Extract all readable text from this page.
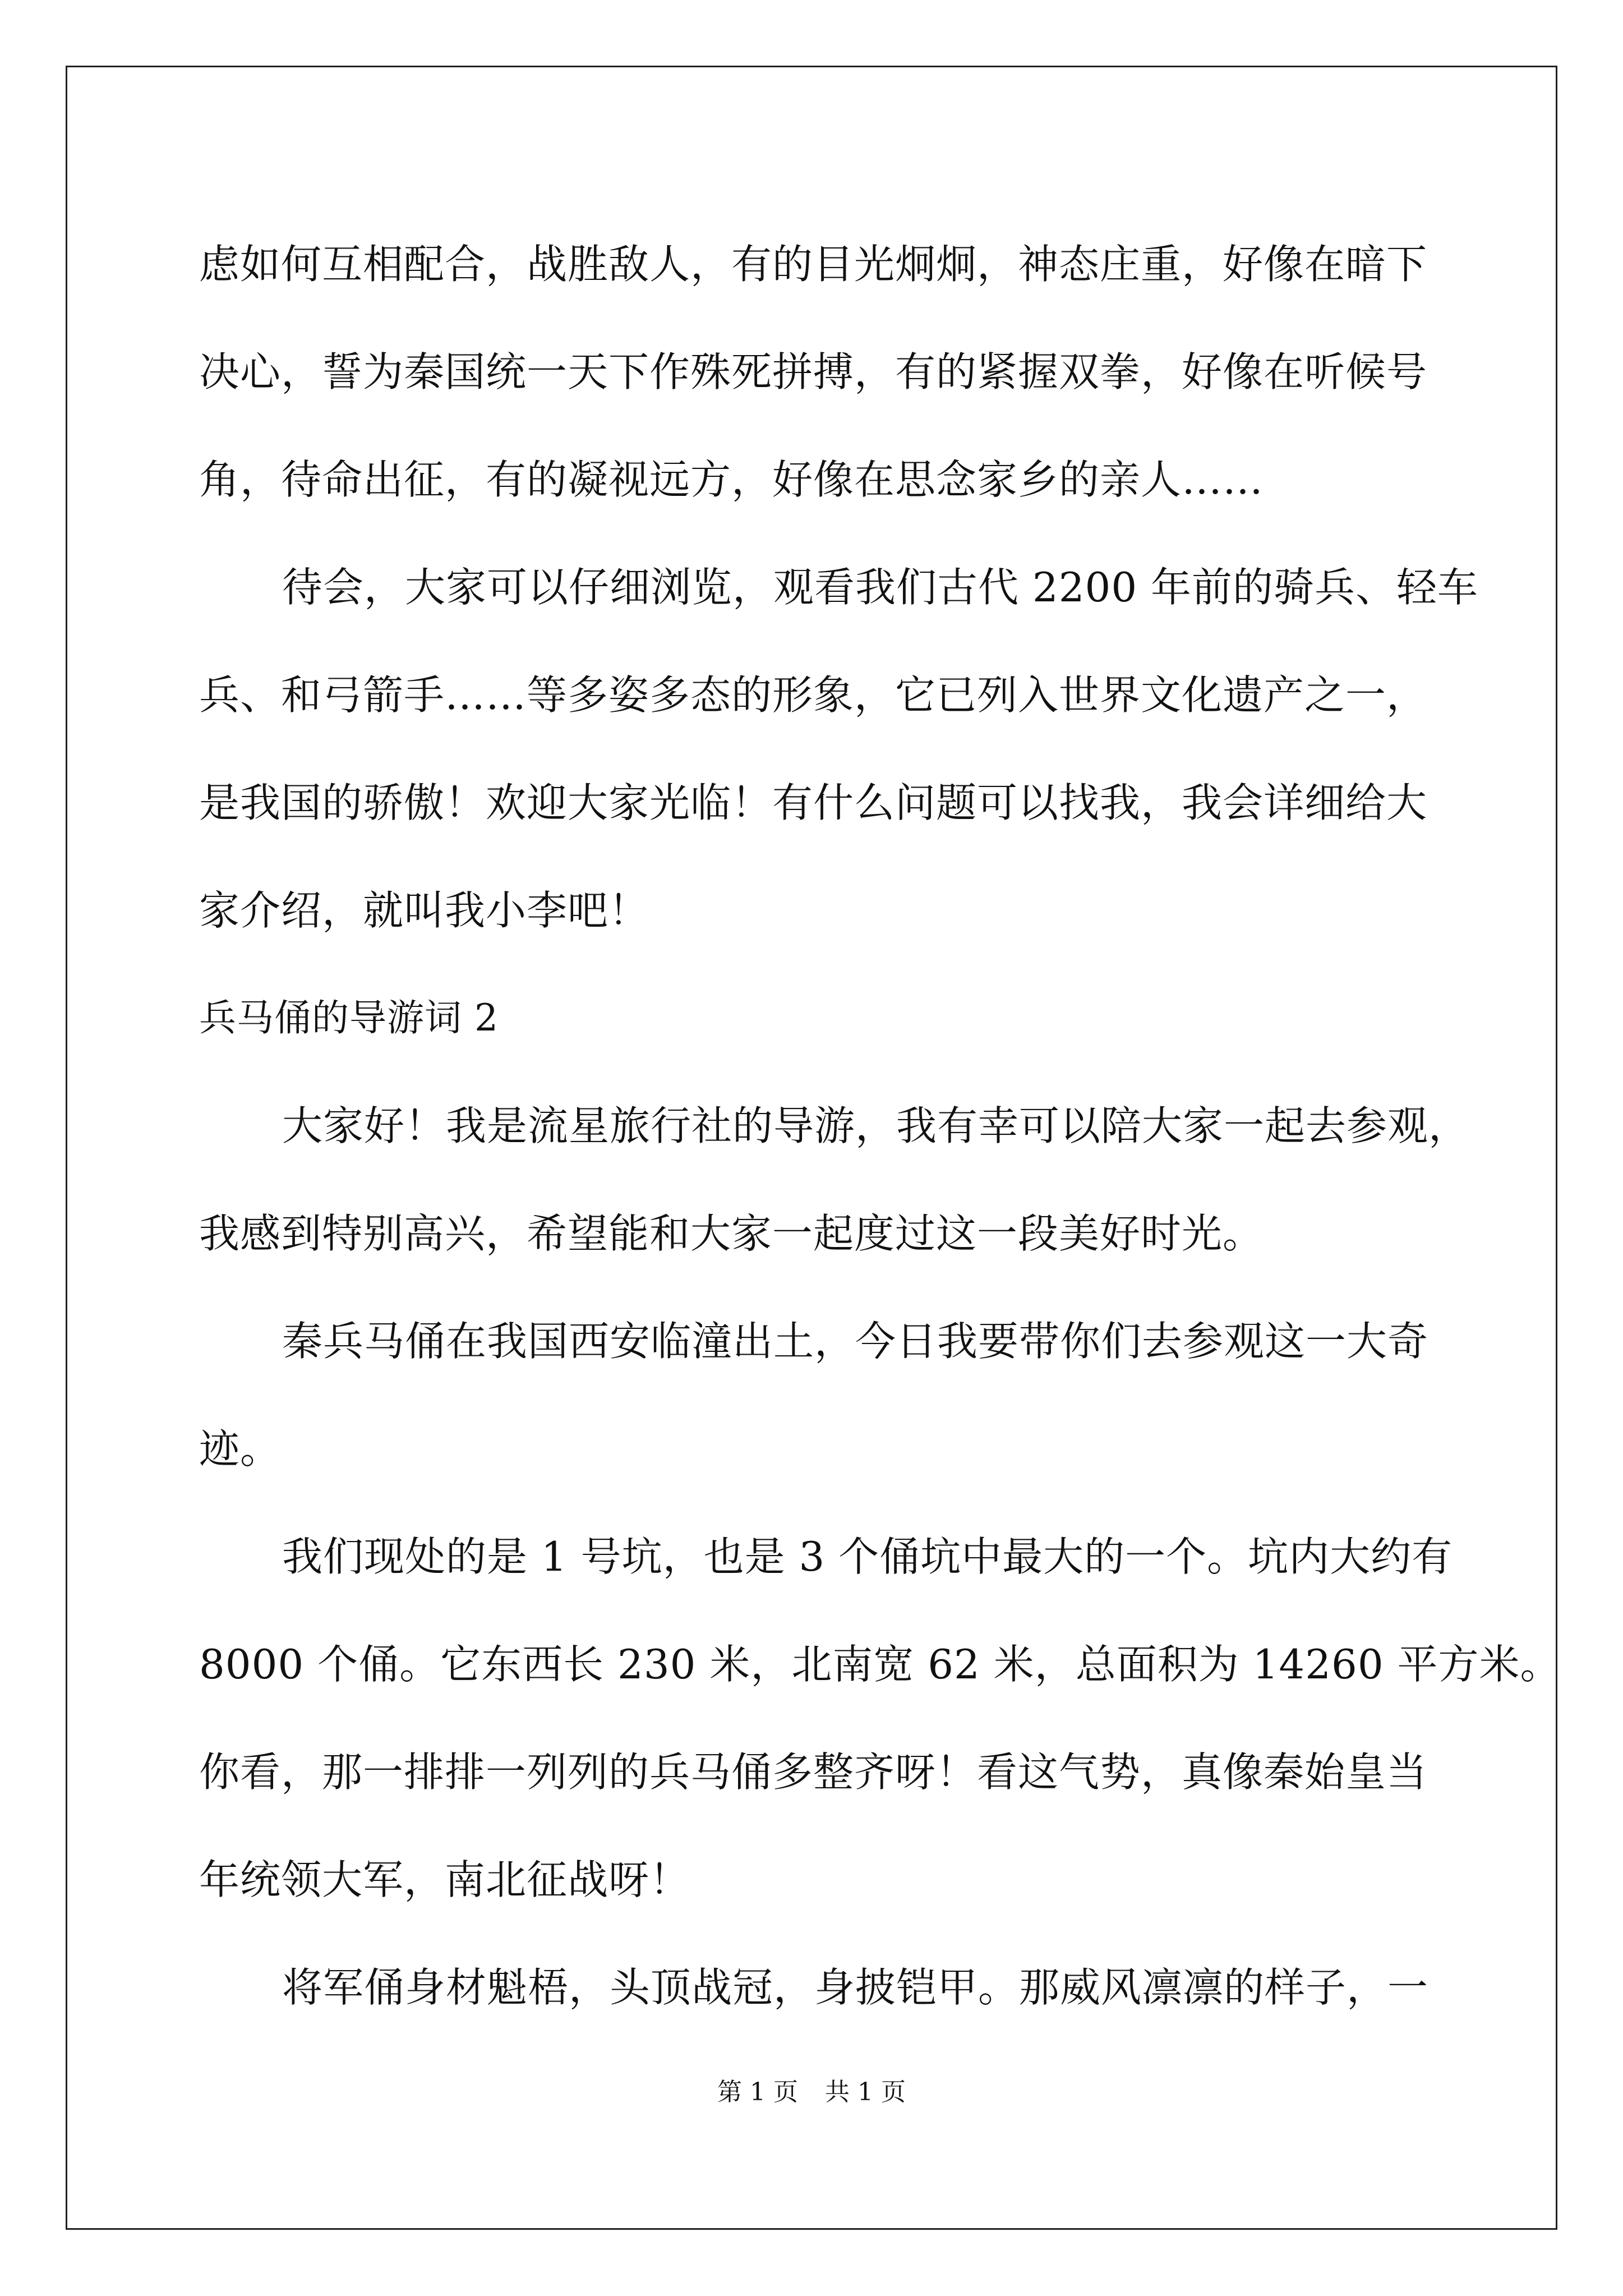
虑如何互相配合，战胜敌人，有的目光炯炯，神态庄重，好像在暗下
决心，誓为秦国统一天下作殊死拼搏，有的紧握双拳，好像在听候号
角，待命出征，有的凝视远方，好像在思念家乡的亲人……
待会，大家可以仔细浏览，观看我们古代 2200 年前的骑兵、轻车
兵、和弓箭手……等多姿多态的形象，它已列入世界文化遗产之一，
是我国的骄傲！欢迎大家光临！有什么问题可以找我，我会详细给大
家介绍，就叫我小李吧！
兵马俑的导游词 2
大家好！我是流星旅行社的导游，我有幸可以陪大家一起去参观，
我感到特别高兴，希望能和大家一起度过这一段美好时光。
秦兵马俑在我国西安临潼出土，今日我要带你们去参观这一大奇
迹。
我们现处的是 1 号坑，也是 3 个俑坑中最大的一个。坑内大约有
8000 个俑。它东西长 230 米，北南宽 62 米，总面积为 14260 平方米。
你看，那一排排一列列的兵马俑多整齐呀！看这气势，真像秦始皇当
年统领大军，南北征战呀！
将军俑身材魁梧，头顶战冠，身披铠甲。那威风凛凛的样子，一
第 1 页 共 1 页
